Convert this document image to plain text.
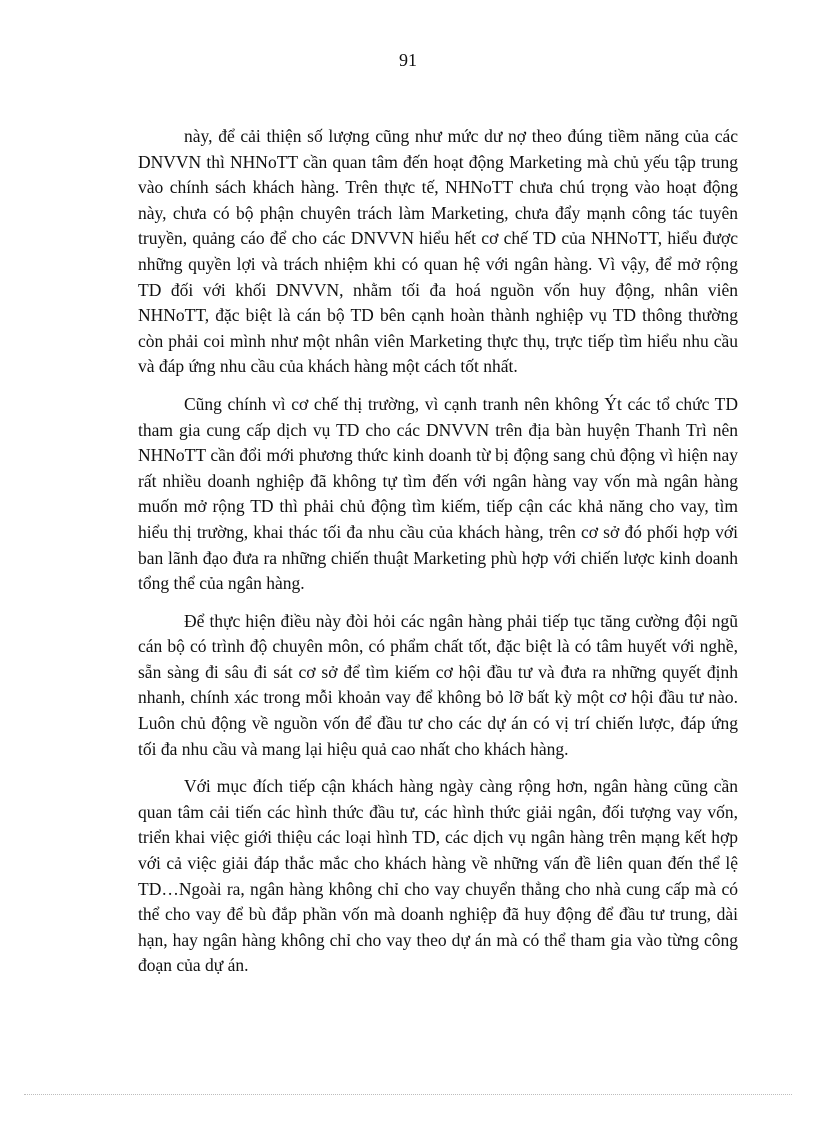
91

này, để cải thiện số lượng cũng như mức dư nợ theo đúng tiềm năng của các DNVVN thì NHNoTT cần quan tâm đến hoạt động Marketing mà chủ yếu tập trung vào chính sách khách hàng. Trên thực tế, NHNoTT chưa chú trọng vào hoạt động này, chưa có bộ phận chuyên trách làm Marketing, chưa đẩy mạnh công tác tuyên truyền, quảng cáo để cho các DNVVN hiểu hết cơ chế TD của NHNoTT, hiểu được những quyền lợi và trách nhiệm khi có quan hệ với ngân hàng. Vì vậy, để mở rộng TD đối với khối DNVVN, nhằm tối đa hoá nguồn vốn huy động, nhân viên NHNoTT, đặc biệt là cán bộ TD bên cạnh hoàn thành nghiệp vụ TD thông thường còn phải coi mình như một nhân viên Marketing thực thụ, trực tiếp tìm hiểu nhu cầu và đáp ứng nhu cầu của khách hàng một cách tốt nhất.

Cũng chính vì cơ chế thị trường, vì cạnh tranh nên không Ýt các tổ chức TD tham gia cung cấp dịch vụ TD cho các DNVVN trên địa bàn huyện Thanh Trì nên NHNoTT cần đổi mới phương thức kinh doanh từ bị động sang chủ động vì hiện nay rất nhiều doanh nghiệp đã không tự tìm đến với ngân hàng vay vốn mà ngân hàng muốn mở rộng TD thì phải chủ động tìm kiếm, tiếp cận các khả năng cho vay, tìm hiểu thị trường, khai thác tối đa nhu cầu của khách hàng, trên cơ sở đó phối hợp với ban lãnh đạo đưa ra những chiến thuật Marketing phù hợp với chiến lược kinh doanh tổng thể của ngân hàng.

Để thực hiện điều này đòi hỏi các ngân hàng phải tiếp tục tăng cường đội ngũ cán bộ có trình độ chuyên môn, có phẩm chất tốt, đặc biệt là có tâm huyết với nghề, sẵn sàng đi sâu đi sát cơ sở để tìm kiếm cơ hội đầu tư và đưa ra những quyết định nhanh, chính xác trong mỗi khoản vay để không bỏ lỡ bất kỳ một cơ hội đầu tư nào. Luôn chủ động về nguồn vốn để đầu tư cho các dự án có vị trí chiến lược, đáp ứng tối đa nhu cầu và mang lại hiệu quả cao nhất cho khách hàng.

Với mục đích tiếp cận khách hàng ngày càng rộng hơn, ngân hàng cũng cần quan tâm cải tiến các hình thức đầu tư, các hình thức giải ngân, đối tượng vay vốn, triển khai việc giới thiệu các loại hình TD, các dịch vụ ngân hàng trên mạng kết hợp với cả việc giải đáp thắc mắc cho khách hàng về những vấn đề liên quan đến thể lệ TD…Ngoài ra, ngân hàng không chỉ cho vay chuyển thẳng cho nhà cung cấp mà có thể cho vay để bù đắp phần vốn mà doanh nghiệp đã huy động để đầu tư trung, dài hạn, hay ngân hàng không chỉ cho vay theo dự án mà có thể tham gia vào từng công đoạn của dự án.
